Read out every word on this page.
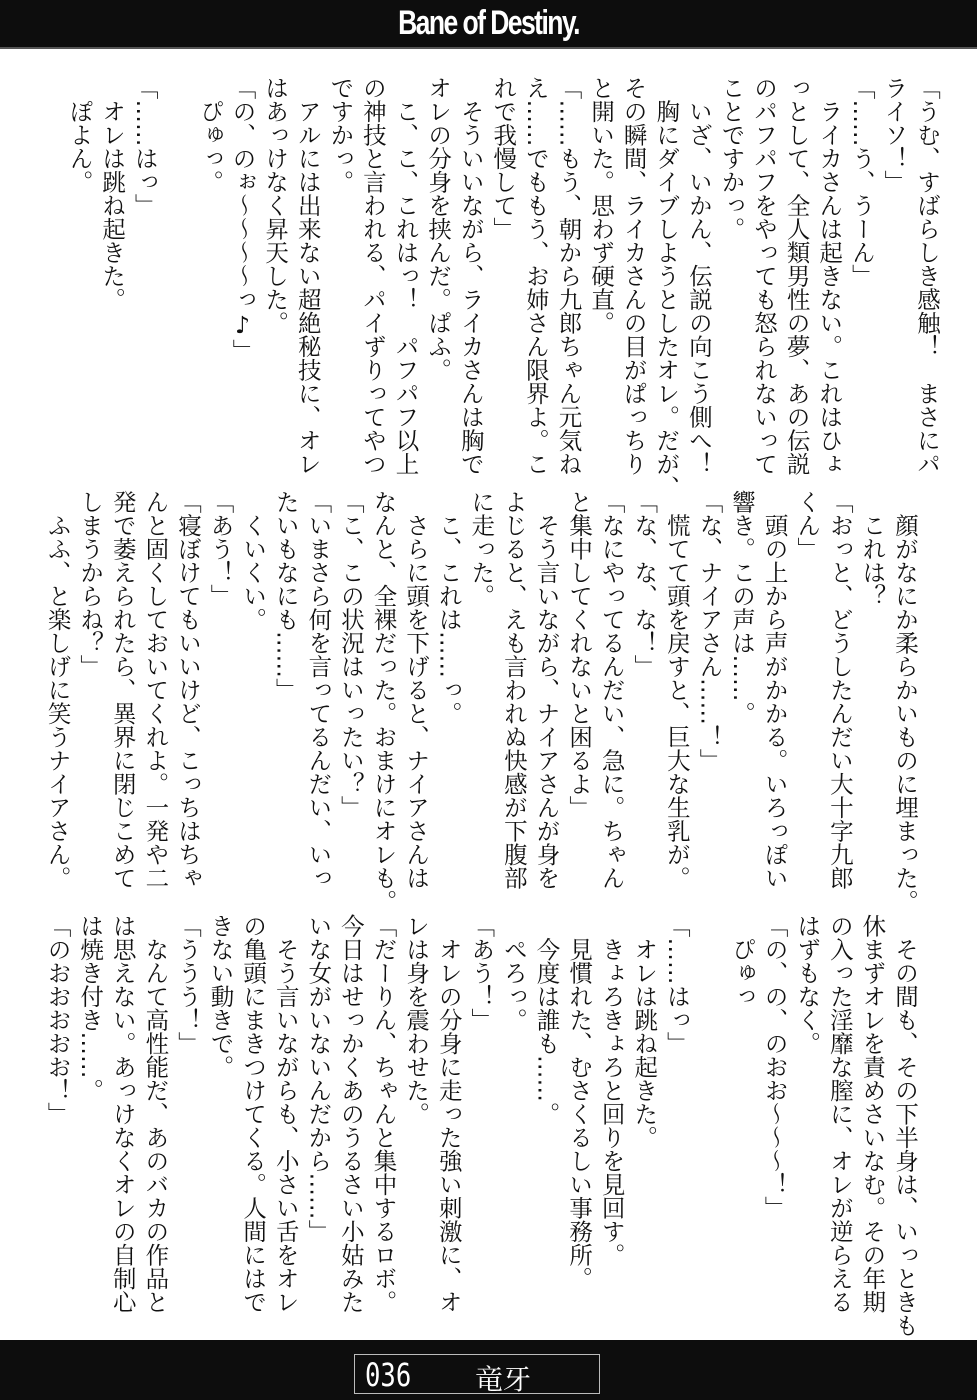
Bane of Destiny.

「うむ、すばらしき感触！　まさにパ

ライソ！」

「……う、うーん」

　ライカさんは起きない。これはひょ

っとして、全人類男性の夢、あの伝説

のパフパフをやっても怒られないって

ことですかっ。

　いざ、いかん、伝説の向こう側へ！

　胸にダイブしようとしたオレ。だが、

その瞬間、ライカさんの目がぱっちり

と開いた。思わず硬直。

「……もう、朝から九郎ちゃん元気ね

え……でももう、お姉さん限界よ。こ

れで我慢して」

　そういいながら、ライカさんは胸で

オレの分身を挟んだ。ぱふ。

　こ、こ、これはっ！　パフパフ以上

の神技と言われる、パイずりってやつ

ですかっ。

　アルには出来ない超絶秘技に、オレ

はあっけなく昇天した。

「の、のぉ〜〜〜〜っ♪」

　ぴゅっ。

「……はっ」

　オレは跳ね起きた。

　ぽよん。

　顔がなにか柔らかいものに埋まった。

　これは？

「おっと、どうしたんだい大十字九郎

くん」

　頭の上から声がかかる。いろっぽい

響き。この声は……。

「な、ナイアさん……！」

　慌てて頭を戻すと、巨大な生乳が。

「な、な、な！」

「なにやってるんだい、急に。ちゃん

と集中してくれないと困るよ」

　そう言いながら、ナイアさんが身を

よじると、えも言われぬ快感が下腹部

に走った。

　こ、これは……っ。

　さらに頭を下げると、ナイアさんは

なんと、全裸だった。おまけにオレも。

「こ、この状況はいったい？」

「いまさら何を言ってるんだい、いっ

たいもなにも……」

　くいくい。

「あう！」

「寝ぼけてもいいけど、こっちはちゃ

んと固くしておいてくれよ。一発や二

発で萎えられたら、異界に閉じこめて

しまうからね？」

　ふふ、と楽しげに笑うナイアさん。

　その間も、その下半身は、いっときも

休まずオレを責めさいなむ。その年期

の入った淫靡な膣に、オレが逆らえる

はずもなく。

「の、の、のおお〜〜〜！」

　ぴゅっ

「……はっ」

　オレは跳ね起きた。

　きょろきょろと回りを見回す。

　見慣れた、むさくるしい事務所。

　今度は誰も……。

　ぺろっ。

「あう！」

　オレの分身に走った強い刺激に、オ

レは身を震わせた。

「だーりん、ちゃんと集中するロボ。

今日はせっかくあのうるさい小姑みた

いな女がいないんだから……」

　そう言いながらも、小さい舌をオレ

の亀頭にまきつけてくる。人間にはで

きない動きで。

「ううう！」

　なんて高性能だ、あのバカの作品と

は思えない。あっけなくオレの自制心

は焼き付き……。

「のおおおおお！」

036 竜牙
